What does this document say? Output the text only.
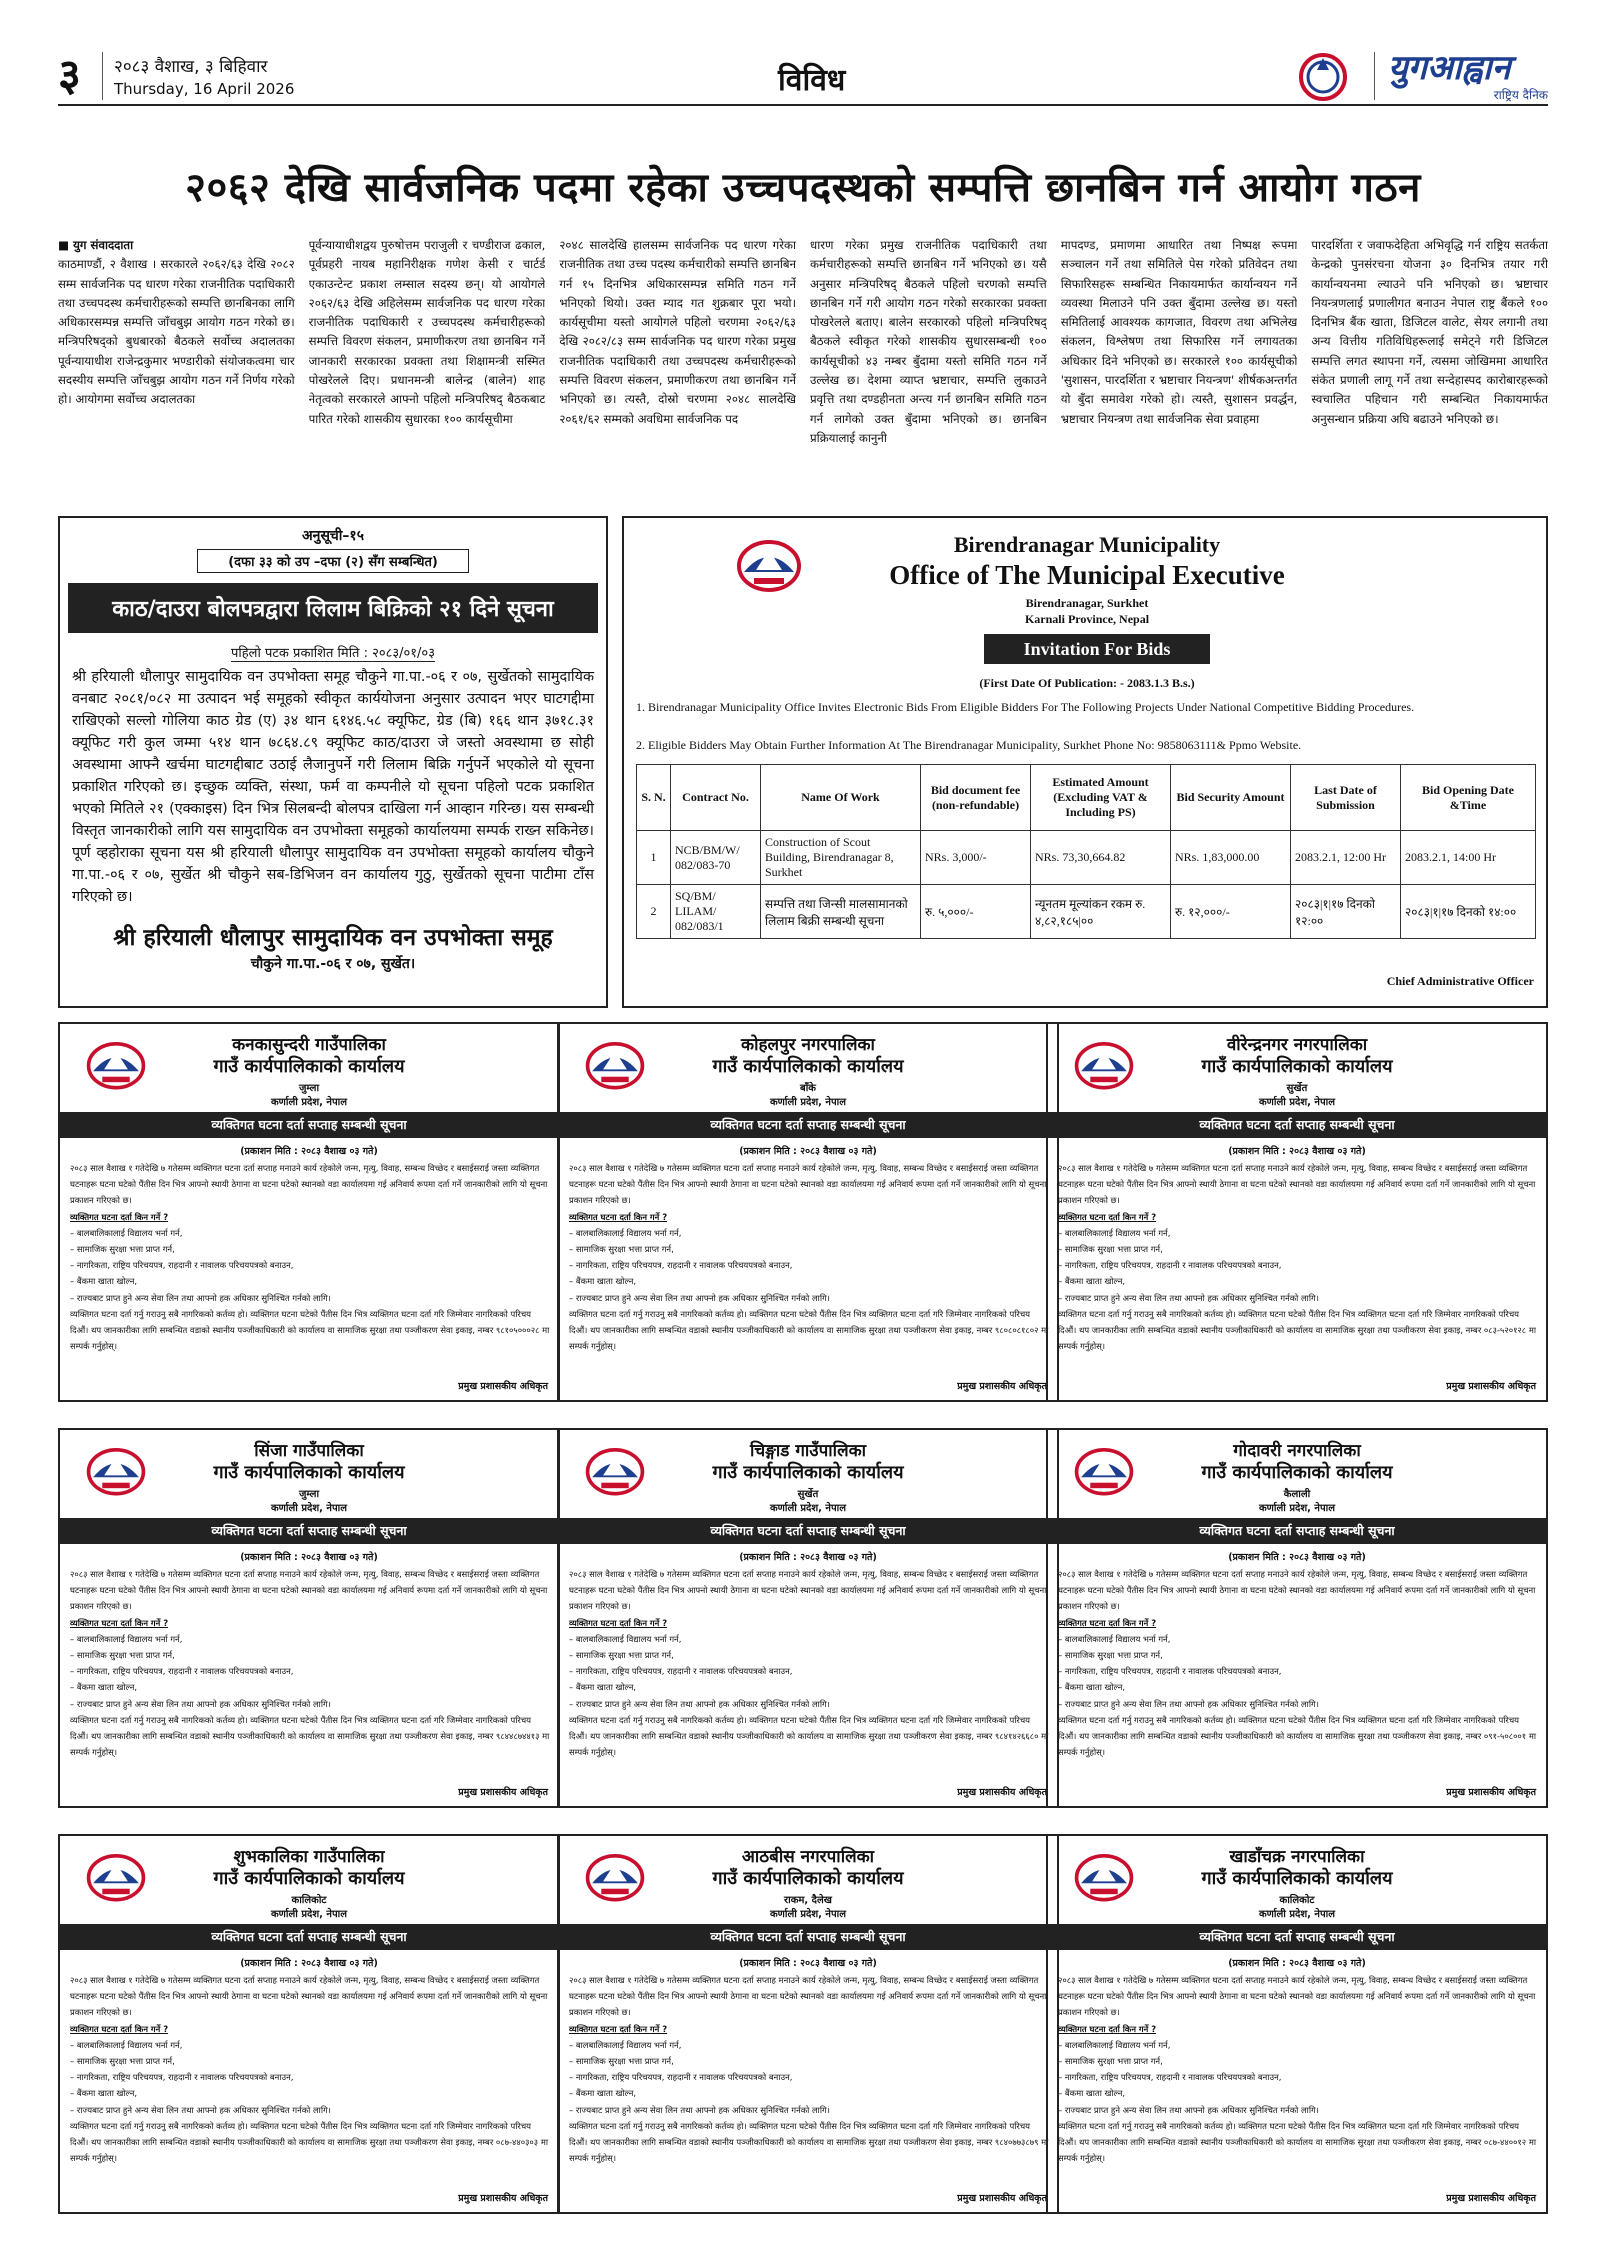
३ २०८३ वैशाख, ३ बिहिवार
Thursday, 16 April 2026	विविध	युगआह्वान
राष्ट्रिय दैनिक
२०६२ देखि सार्वजनिक पदमा रहेका उच्चपदस्थको सम्पत्ति छानबिन गर्न आयोग गठन
■ युग संवाददाता
काठमाण्डौं, २ वैशाख । सरकारले २०६२/६३ देखि २०८२ सम्म सार्वजनिक पद धारण गरेका राजनीतिक पदाधिकारी तथा उच्चपदस्थ कर्मचारीहरूको सम्पत्ति छानबिनका लागि अधिकारसम्पन्न सम्पत्ति जाँचबुझ आयोग गठन गरेको छ। मन्त्रिपरिषद्को बुधबारको बैठकले सर्वोच्च अदालतका पूर्वन्यायाधीश राजेन्द्रकुमार भण्डारीको संयोजकत्वमा चार सदस्यीय सम्पत्ति जाँचबुझ आयोग गठन गर्ने निर्णय गरेको हो। आयोगमा सर्वोच्च अदालतका
पूर्वन्यायाधीशद्वय पुरुषोत्तम पराजुली र चण्डीराज ढकाल, पूर्वप्रहरी नायब महानिरीक्षक गणेश केसी र चार्टर्ड एकाउन्टेन्ट प्रकाश लम्साल सदस्य छन्। यो आयोगले २०६२/६३ देखि अहिलेसम्म सार्वजनिक पद धारण गरेका राजनीतिक पदाधिकारी र उच्चपदस्थ कर्मचारीहरूको सम्पत्ति विवरण संकलन, प्रमाणीकरण तथा छानबिन गर्ने जानकारी सरकारका प्रवक्ता तथा शिक्षामन्त्री सस्मित पोखरेलले दिए। प्रधानमन्त्री बालेन्द्र (बालेन) शाह नेतृत्वको सरकारले आफ्नो पहिलो मन्त्रिपरिषद् बैठकबाट पारित गरेको शासकीय सुधारका १०० कार्यसूचीमा
२०४८ सालदेखि हालसम्म सार्वजनिक पद धारण गरेका राजनीतिक तथा उच्च पदस्थ कर्मचारीको सम्पत्ति छानबिन गर्न १५ दिनभित्र अधिकारसम्पन्न समिति गठन गर्ने भनिएको थियो। उक्त म्याद गत शुक्रबार पूरा भयो। कार्यसूचीमा यस्तो आयोगले पहिलो चरणमा २०६२/६३ देखि २०८२/८३ सम्म सार्वजनिक पद धारण गरेका प्रमुख राजनीतिक पदाधिकारी तथा उच्चपदस्थ कर्मचारीहरूको सम्पत्ति विवरण संकलन, प्रमाणीकरण तथा छानबिन गर्ने भनिएको छ। त्यस्तै, दोस्रो चरणमा २०४८ सालदेखि २०६१/६२ सम्मको अवधिमा सार्वजनिक पद
धारण गरेका प्रमुख राजनीतिक पदाधिकारी तथा कर्मचारीहरूको सम्पत्ति छानबिन गर्ने भनिएको छ। यसै अनुसार मन्त्रिपरिषद् बैठकले पहिलो चरणको सम्पत्ति छानबिन गर्ने गरी आयोग गठन गरेको सरकारका प्रवक्ता पोखरेलले बताए। बालेन सरकारको पहिलो मन्त्रिपरिषद् बैठकले स्वीकृत गरेको शासकीय सुधारसम्बन्धी १०० कार्यसूचीको ४३ नम्बर बुँदामा यस्तो समिति गठन गर्ने उल्लेख छ। देशमा व्याप्त भ्रष्टाचार, सम्पत्ति लुकाउने प्रवृत्ति तथा दण्डहीनता अन्त्य गर्न छानबिन समिति गठन गर्न लागेको उक्त बुँदामा भनिएको छ। छानबिन प्रक्रियालाई कानुनी
मापदण्ड, प्रमाणमा आधारित तथा निष्पक्ष रूपमा सञ्चालन गर्ने तथा समितिले पेस गरेको प्रतिवेदन तथा सिफारिसहरू सम्बन्धित निकायमार्फत कार्यान्वयन गर्ने व्यवस्था मिलाउने पनि उक्त बुँदामा उल्लेख छ। यस्तो समितिलाई आवश्यक कागजात, विवरण तथा अभिलेख संकलन, विश्लेषण तथा सिफारिस गर्ने लगायतका अधिकार दिने भनिएको छ। सरकारले १०० कार्यसूचीको 'सुशासन, पारदर्शिता र भ्रष्टाचार नियन्त्रण' शीर्षकअन्तर्गत यो बुँदा समावेश गरेको हो। त्यस्तै, सुशासन प्रवर्द्धन, भ्रष्टाचार नियन्त्रण तथा सार्वजनिक सेवा प्रवाहमा
पारदर्शिता र जवाफदेहिता अभिवृद्धि गर्न राष्ट्रिय सतर्कता केन्द्रको पुनसंरचना योजना ३० दिनभित्र तयार गरी कार्यान्वयनमा ल्याउने पनि भनिएको छ। भ्रष्टाचार नियन्त्रणलाई प्रणालीगत बनाउन नेपाल राष्ट्र बैंकले १०० दिनभित्र बैंक खाता, डिजिटल वालेट, सेयर लगानी तथा अन्य वित्तीय गतिविधिहरूलाई समेट्ने गरी डिजिटल सम्पत्ति लगत स्थापना गर्ने, त्यसमा जोखिममा आधारित संकेत प्रणाली लागू गर्ने तथा सन्देहास्पद कारोबारहरूको स्वचालित पहिचान गरी सम्बन्धित निकायमार्फत अनुसन्धान प्रक्रिया अघि बढाउने भनिएको छ।
अनुसूची–१५
(दफा ३३ को उप –दफा (२) सँग सम्बन्धित)
काठ/दाउरा बोलपत्रद्वारा लिलाम बिक्रिको २१ दिने सूचना
पहिलो पटक प्रकाशित मिति : २०८३/०१/०३
श्री हरियाली धौलापुर सामुदायिक वन उपभोक्ता समूह चौकुने गा.पा.-०६ र ०७, सुर्खेतको सामुदायिक वनबाट २०८१/०८२ मा उत्पादन भई समूहको स्वीकृत कार्ययोजना अनुसार उत्पादन भएर घाटगद्दीमा राखिएको सल्लो गोलिया काठ ग्रेड (ए) ३४ थान ६१४६.५८ क्यूफिट, ग्रेड (बि) १६६ थान ३७१८.३१ क्यूफिट गरी कुल जम्मा ५१४ थान ७८६४.८९ क्यूफिट काठ/दाउरा जे जस्तो अवस्थामा छ सोही अवस्थामा आफ्नै खर्चमा घाटगद्दीबाट उठाई लैजानुपर्ने गरी लिलाम बिक्रि गर्नुपर्ने भएकोले यो सूचना प्रकाशित गरिएको छ। इच्छुक व्यक्ति, संस्था, फर्म वा कम्पनीले यो सूचना पहिलो पटक प्रकाशित भएको मितिले २१ (एक्काइस) दिन भित्र सिलबन्दी बोलपत्र दाखिला गर्न आव्हान गरिन्छ। यस सम्बन्धी विस्तृत जानकारीको लागि यस सामुदायिक वन उपभोक्ता समूहको कार्यालयमा सम्पर्क राख्न सकिनेछ। पूर्ण व्हहोराका सूचना यस श्री हरियाली धौलापुर सामुदायिक वन उपभोक्ता समूहको कार्यालय चौकुने गा.पा.-०६ र ०७, सुर्खेत श्री चौकुने सब-डिभिजन वन कार्यालय गुठु, सुर्खेतको सूचना पाटीमा टाँस गरिएको छ।
श्री हरियाली धौलापुर सामुदायिक वन उपभोक्ता समूह
चौकुने गा.पा.-०६ र ०७, सुर्खेत।
Birendranagar Municipality
Office of The Municipal Executive
Birendranagar, Surkhet
Karnali Province, Nepal
Invitation For Bids
(First Date Of Publication: - 2083.1.3 B.s.)
1. Birendranagar Municipality Office Invites Electronic Bids From Eligible Bidders For The Following Projects Under National Competitive Bidding Procedures.
2. Eligible Bidders May Obtain Further Information At The Birendranagar Municipality, Surkhet Phone No: 9858063111& Ppmo Website.
S. N.	Contract No.	Name Of Work	Bid document fee (non-refundable)	Estimated Amount (Excluding VAT & Including PS)	Bid Security Amount	Last Date of Submission	Bid Opening Date &Time
1	NCB/BM/W/ 082/083-70	Construction of Scout Building, Birendranagar 8, Surkhet	NRs. 3,000/-	NRs. 73,30,664.82	NRs. 1,83,000.00	2083.2.1, 12:00 Hr	2083.2.1, 14:00 Hr
2	SQ/BM/ LILAM/ 082/083/1	सम्पत्ति तथा जिन्सी मालसामानको लिलाम बिक्री सम्बन्धी सूचना	रु. ५,०००/-	न्यूनतम मूल्यांकन रकम रु. ४,८२,१८५|००	रु. १२,०००/-	२०८३|१|१७ दिनको १२:००	२०८३|१|१७ दिनको १४:००
Chief Administrative Officer
कनकासुन्दरी गाउँपालिका
गाउँ कार्यपालिकाको कार्यालय
जुम्ला
कर्णाली प्रदेश, नेपाल
व्यक्तिगत घटना दर्ता सप्ताह सम्बन्धी सूचना
(प्रकाशन मिति : २०८३ वैशाख ०३ गते)
२०८३ साल वैशाख १ गतेदेखि ७ गतेसम्म व्यक्तिगत घटना दर्ता सप्ताह मनाउने कार्य रहेकोले जन्म, मृत्यु, विवाह, सम्बन्ध विच्छेद र बसाईसराई जस्ता व्यक्तिगत घटनाहरू घटना घटेको पैंतीस दिन भित्र आफ्नो स्थायी ठेगाना वा घटना घटेको स्थानको वडा कार्यालयमा गई अनिवार्य रूपमा दर्ता गर्ने जानकारीको लागि यो सूचना प्रकाशन गरिएको छ।
व्यक्तिगत घटना दर्ता किन गर्ने ?
– बालबालिकालाई विद्यालय भर्ना गर्न,
– सामाजिक सुरक्षा भत्ता प्राप्त गर्न,
– नागरिकता, राष्ट्रिय परिचयपत्र, राहदानी र नावालक परिचयपत्रको बनाउन,
– बैंकमा खाता खोल्न,
– राज्यबाट प्राप्त हुने अन्य सेवा लिन तथा आफ्नो हक अधिकार सुनिश्चित गर्नको लागि।
व्यक्तिगत घटना दर्ता गर्नु गराउनु सबै नागरिकको कर्तव्य हो। व्यक्तिगत घटना घटेको पैंतीस दिन भित्र व्यक्तिगत घटना दर्ता गरि जिम्मेवार नागरिकको परिचय दिऔं। थप जानकारीका लागि सम्बन्धित वडाको स्थानीय पञ्जीकाधिकारी को कार्यालय वा सामाजिक सुरक्षा तथा पञ्जीकरण सेवा इकाइ, नम्बर ९८१०५०००२८ मा सम्पर्क गर्नुहोस्।
प्रमुख प्रशासकीय अधिकृत
कोहलपुर नगरपालिका
गाउँ कार्यपालिकाको कार्यालय
बाँके
कर्णाली प्रदेश, नेपाल
व्यक्तिगत घटना दर्ता सप्ताह सम्बन्धी सूचना
(प्रकाशन मिति : २०८३ वैशाख ०३ गते)
२०८३ साल वैशाख १ गतेदेखि ७ गतेसम्म व्यक्तिगत घटना दर्ता सप्ताह मनाउने कार्य रहेकोले जन्म, मृत्यु, विवाह, सम्बन्ध विच्छेद र बसाईसराई जस्ता व्यक्तिगत घटनाहरू घटना घटेको पैंतीस दिन भित्र आफ्नो स्थायी ठेगाना वा घटना घटेको स्थानको वडा कार्यालयमा गई अनिवार्य रूपमा दर्ता गर्ने जानकारीको लागि यो सूचना प्रकाशन गरिएको छ।
व्यक्तिगत घटना दर्ता किन गर्ने ?
– बालबालिकालाई विद्यालय भर्ना गर्न,
– सामाजिक सुरक्षा भत्ता प्राप्त गर्न,
– नागरिकता, राष्ट्रिय परिचयपत्र, राहदानी र नावालक परिचयपत्रको बनाउन,
– बैंकमा खाता खोल्न,
– राज्यबाट प्राप्त हुने अन्य सेवा लिन तथा आफ्नो हक अधिकार सुनिश्चित गर्नको लागि।
व्यक्तिगत घटना दर्ता गर्नु गराउनु सबै नागरिकको कर्तव्य हो। व्यक्तिगत घटना घटेको पैंतीस दिन भित्र व्यक्तिगत घटना दर्ता गरि जिम्मेवार नागरिकको परिचय दिऔं। थप जानकारीका लागि सम्बन्धित वडाको स्थानीय पञ्जीकाधिकारी को कार्यालय वा सामाजिक सुरक्षा तथा पञ्जीकरण सेवा इकाइ, नम्बर ९८०८०८१८०२ मा सम्पर्क गर्नुहोस्।
प्रमुख प्रशासकीय अधिकृत
वीरेन्द्रनगर नगरपालिका
गाउँ कार्यपालिकाको कार्यालय
सुर्खेत
कर्णाली प्रदेश, नेपाल
व्यक्तिगत घटना दर्ता सप्ताह सम्बन्धी सूचना
(प्रकाशन मिति : २०८३ वैशाख ०३ गते)
२०८३ साल वैशाख १ गतेदेखि ७ गतेसम्म व्यक्तिगत घटना दर्ता सप्ताह मनाउने कार्य रहेकोले जन्म, मृत्यु, विवाह, सम्बन्ध विच्छेद र बसाईसराई जस्ता व्यक्तिगत घटनाहरू घटना घटेको पैंतीस दिन भित्र आफ्नो स्थायी ठेगाना वा घटना घटेको स्थानको वडा कार्यालयमा गई अनिवार्य रूपमा दर्ता गर्ने जानकारीको लागि यो सूचना प्रकाशन गरिएको छ।
व्यक्तिगत घटना दर्ता किन गर्ने ?
– बालबालिकालाई विद्यालय भर्ना गर्न,
– सामाजिक सुरक्षा भत्ता प्राप्त गर्न,
– नागरिकता, राष्ट्रिय परिचयपत्र, राहदानी र नावालक परिचयपत्रको बनाउन,
– बैंकमा खाता खोल्न,
– राज्यबाट प्राप्त हुने अन्य सेवा लिन तथा आफ्नो हक अधिकार सुनिश्चित गर्नको लागि।
व्यक्तिगत घटना दर्ता गर्नु गराउनु सबै नागरिकको कर्तव्य हो। व्यक्तिगत घटना घटेको पैंतीस दिन भित्र व्यक्तिगत घटना दर्ता गरि जिम्मेवार नागरिकको परिचय दिऔं। थप जानकारीका लागि सम्बन्धित वडाको स्थानीय पञ्जीकाधिकारी को कार्यालय वा सामाजिक सुरक्षा तथा पञ्जीकरण सेवा इकाइ, नम्बर ०८३-५२०१२८ मा सम्पर्क गर्नुहोस्।
प्रमुख प्रशासकीय अधिकृत
सिंजा गाउँपालिका
गाउँ कार्यपालिकाको कार्यालय
जुम्ला
कर्णाली प्रदेश, नेपाल
व्यक्तिगत घटना दर्ता सप्ताह सम्बन्धी सूचना
(प्रकाशन मिति : २०८३ वैशाख ०३ गते)
२०८३ साल वैशाख १ गतेदेखि ७ गतेसम्म व्यक्तिगत घटना दर्ता सप्ताह मनाउने कार्य रहेकोले जन्म, मृत्यु, विवाह, सम्बन्ध विच्छेद र बसाईसराई जस्ता व्यक्तिगत घटनाहरू घटना घटेको पैंतीस दिन भित्र आफ्नो स्थायी ठेगाना वा घटना घटेको स्थानको वडा कार्यालयमा गई अनिवार्य रूपमा दर्ता गर्ने जानकारीको लागि यो सूचना प्रकाशन गरिएको छ।
व्यक्तिगत घटना दर्ता किन गर्ने ?
– बालबालिकालाई विद्यालय भर्ना गर्न,
– सामाजिक सुरक्षा भत्ता प्राप्त गर्न,
– नागरिकता, राष्ट्रिय परिचयपत्र, राहदानी र नावालक परिचयपत्रको बनाउन,
– बैंकमा खाता खोल्न,
– राज्यबाट प्राप्त हुने अन्य सेवा लिन तथा आफ्नो हक अधिकार सुनिश्चित गर्नको लागि।
व्यक्तिगत घटना दर्ता गर्नु गराउनु सबै नागरिकको कर्तव्य हो। व्यक्तिगत घटना घटेको पैंतीस दिन भित्र व्यक्तिगत घटना दर्ता गरि जिम्मेवार नागरिकको परिचय दिऔं। थप जानकारीका लागि सम्बन्धित वडाको स्थानीय पञ्जीकाधिकारी को कार्यालय वा सामाजिक सुरक्षा तथा पञ्जीकरण सेवा इकाइ, नम्बर ९८४४८७४४१३ मा सम्पर्क गर्नुहोस्।
प्रमुख प्रशासकीय अधिकृत
चिङ्गाड गाउँपालिका
गाउँ कार्यपालिकाको कार्यालय
सुर्खेत
कर्णाली प्रदेश, नेपाल
व्यक्तिगत घटना दर्ता सप्ताह सम्बन्धी सूचना
(प्रकाशन मिति : २०८३ वैशाख ०३ गते)
२०८३ साल वैशाख १ गतेदेखि ७ गतेसम्म व्यक्तिगत घटना दर्ता सप्ताह मनाउने कार्य रहेकोले जन्म, मृत्यु, विवाह, सम्बन्ध विच्छेद र बसाईसराई जस्ता व्यक्तिगत घटनाहरू घटना घटेको पैंतीस दिन भित्र आफ्नो स्थायी ठेगाना वा घटना घटेको स्थानको वडा कार्यालयमा गई अनिवार्य रूपमा दर्ता गर्ने जानकारीको लागि यो सूचना प्रकाशन गरिएको छ।
व्यक्तिगत घटना दर्ता किन गर्ने ?
– बालबालिकालाई विद्यालय भर्ना गर्न,
– सामाजिक सुरक्षा भत्ता प्राप्त गर्न,
– नागरिकता, राष्ट्रिय परिचयपत्र, राहदानी र नावालक परिचयपत्रको बनाउन,
– बैंकमा खाता खोल्न,
– राज्यबाट प्राप्त हुने अन्य सेवा लिन तथा आफ्नो हक अधिकार सुनिश्चित गर्नको लागि।
व्यक्तिगत घटना दर्ता गर्नु गराउनु सबै नागरिकको कर्तव्य हो। व्यक्तिगत घटना घटेको पैंतीस दिन भित्र व्यक्तिगत घटना दर्ता गरि जिम्मेवार नागरिकको परिचय दिऔं। थप जानकारीका लागि सम्बन्धित वडाको स्थानीय पञ्जीकाधिकारी को कार्यालय वा सामाजिक सुरक्षा तथा पञ्जीकरण सेवा इकाइ, नम्बर ९८४१४२६६८० मा सम्पर्क गर्नुहोस्।
प्रमुख प्रशासकीय अधिकृत
गोदावरी नगरपालिका
गाउँ कार्यपालिकाको कार्यालय
कैलाली
कर्णाली प्रदेश, नेपाल
व्यक्तिगत घटना दर्ता सप्ताह सम्बन्धी सूचना
(प्रकाशन मिति : २०८३ वैशाख ०३ गते)
२०८३ साल वैशाख १ गतेदेखि ७ गतेसम्म व्यक्तिगत घटना दर्ता सप्ताह मनाउने कार्य रहेकोले जन्म, मृत्यु, विवाह, सम्बन्ध विच्छेद र बसाईसराई जस्ता व्यक्तिगत घटनाहरू घटना घटेको पैंतीस दिन भित्र आफ्नो स्थायी ठेगाना वा घटना घटेको स्थानको वडा कार्यालयमा गई अनिवार्य रूपमा दर्ता गर्ने जानकारीको लागि यो सूचना प्रकाशन गरिएको छ।
व्यक्तिगत घटना दर्ता किन गर्ने ?
– बालबालिकालाई विद्यालय भर्ना गर्न,
– सामाजिक सुरक्षा भत्ता प्राप्त गर्न,
– नागरिकता, राष्ट्रिय परिचयपत्र, राहदानी र नावालक परिचयपत्रको बनाउन,
– बैंकमा खाता खोल्न,
– राज्यबाट प्राप्त हुने अन्य सेवा लिन तथा आफ्नो हक अधिकार सुनिश्चित गर्नको लागि।
व्यक्तिगत घटना दर्ता गर्नु गराउनु सबै नागरिकको कर्तव्य हो। व्यक्तिगत घटना घटेको पैंतीस दिन भित्र व्यक्तिगत घटना दर्ता गरि जिम्मेवार नागरिकको परिचय दिऔं। थप जानकारीका लागि सम्बन्धित वडाको स्थानीय पञ्जीकाधिकारी को कार्यालय वा सामाजिक सुरक्षा तथा पञ्जीकरण सेवा इकाइ, नम्बर ०९१-५०८००१ मा सम्पर्क गर्नुहोस्।
प्रमुख प्रशासकीय अधिकृत
शुभकालिका गाउँपालिका
गाउँ कार्यपालिकाको कार्यालय
कालिकोट
कर्णाली प्रदेश, नेपाल
व्यक्तिगत घटना दर्ता सप्ताह सम्बन्धी सूचना
(प्रकाशन मिति : २०८३ वैशाख ०३ गते)
२०८३ साल वैशाख १ गतेदेखि ७ गतेसम्म व्यक्तिगत घटना दर्ता सप्ताह मनाउने कार्य रहेकोले जन्म, मृत्यु, विवाह, सम्बन्ध विच्छेद र बसाईसराई जस्ता व्यक्तिगत घटनाहरू घटना घटेको पैंतीस दिन भित्र आफ्नो स्थायी ठेगाना वा घटना घटेको स्थानको वडा कार्यालयमा गई अनिवार्य रूपमा दर्ता गर्ने जानकारीको लागि यो सूचना प्रकाशन गरिएको छ।
व्यक्तिगत घटना दर्ता किन गर्ने ?
– बालबालिकालाई विद्यालय भर्ना गर्न,
– सामाजिक सुरक्षा भत्ता प्राप्त गर्न,
– नागरिकता, राष्ट्रिय परिचयपत्र, राहदानी र नावालक परिचयपत्रको बनाउन,
– बैंकमा खाता खोल्न,
– राज्यबाट प्राप्त हुने अन्य सेवा लिन तथा आफ्नो हक अधिकार सुनिश्चित गर्नको लागि।
व्यक्तिगत घटना दर्ता गर्नु गराउनु सबै नागरिकको कर्तव्य हो। व्यक्तिगत घटना घटेको पैंतीस दिन भित्र व्यक्तिगत घटना दर्ता गरि जिम्मेवार नागरिकको परिचय दिऔं। थप जानकारीका लागि सम्बन्धित वडाको स्थानीय पञ्जीकाधिकारी को कार्यालय वा सामाजिक सुरक्षा तथा पञ्जीकरण सेवा इकाइ, नम्बर ०८७-४४०३०३ मा सम्पर्क गर्नुहोस्।
प्रमुख प्रशासकीय अधिकृत
आठबीस नगरपालिका
गाउँ कार्यपालिकाको कार्यालय
राकम, दैलेख
कर्णाली प्रदेश, नेपाल
व्यक्तिगत घटना दर्ता सप्ताह सम्बन्धी सूचना
(प्रकाशन मिति : २०८३ वैशाख ०३ गते)
२०८३ साल वैशाख १ गतेदेखि ७ गतेसम्म व्यक्तिगत घटना दर्ता सप्ताह मनाउने कार्य रहेकोले जन्म, मृत्यु, विवाह, सम्बन्ध विच्छेद र बसाईसराई जस्ता व्यक्तिगत घटनाहरू घटना घटेको पैंतीस दिन भित्र आफ्नो स्थायी ठेगाना वा घटना घटेको स्थानको वडा कार्यालयमा गई अनिवार्य रूपमा दर्ता गर्ने जानकारीको लागि यो सूचना प्रकाशन गरिएको छ।
व्यक्तिगत घटना दर्ता किन गर्ने ?
– बालबालिकालाई विद्यालय भर्ना गर्न,
– सामाजिक सुरक्षा भत्ता प्राप्त गर्न,
– नागरिकता, राष्ट्रिय परिचयपत्र, राहदानी र नावालक परिचयपत्रको बनाउन,
– बैंकमा खाता खोल्न,
– राज्यबाट प्राप्त हुने अन्य सेवा लिन तथा आफ्नो हक अधिकार सुनिश्चित गर्नको लागि।
व्यक्तिगत घटना दर्ता गर्नु गराउनु सबै नागरिकको कर्तव्य हो। व्यक्तिगत घटना घटेको पैंतीस दिन भित्र व्यक्तिगत घटना दर्ता गरि जिम्मेवार नागरिकको परिचय दिऔं। थप जानकारीका लागि सम्बन्धित वडाको स्थानीय पञ्जीकाधिकारी को कार्यालय वा सामाजिक सुरक्षा तथा पञ्जीकरण सेवा इकाइ, नम्बर ९८४०७७३८७९ मा सम्पर्क गर्नुहोस्।
प्रमुख प्रशासकीय अधिकृत
खाडाँचक्र नगरपालिका
गाउँ कार्यपालिकाको कार्यालय
कालिकोट
कर्णाली प्रदेश, नेपाल
व्यक्तिगत घटना दर्ता सप्ताह सम्बन्धी सूचना
(प्रकाशन मिति : २०८३ वैशाख ०३ गते)
२०८३ साल वैशाख १ गतेदेखि ७ गतेसम्म व्यक्तिगत घटना दर्ता सप्ताह मनाउने कार्य रहेकोले जन्म, मृत्यु, विवाह, सम्बन्ध विच्छेद र बसाईसराई जस्ता व्यक्तिगत घटनाहरू घटना घटेको पैंतीस दिन भित्र आफ्नो स्थायी ठेगाना वा घटना घटेको स्थानको वडा कार्यालयमा गई अनिवार्य रूपमा दर्ता गर्ने जानकारीको लागि यो सूचना प्रकाशन गरिएको छ।
व्यक्तिगत घटना दर्ता किन गर्ने ?
– बालबालिकालाई विद्यालय भर्ना गर्न,
– सामाजिक सुरक्षा भत्ता प्राप्त गर्न,
– नागरिकता, राष्ट्रिय परिचयपत्र, राहदानी र नावालक परिचयपत्रको बनाउन,
– बैंकमा खाता खोल्न,
– राज्यबाट प्राप्त हुने अन्य सेवा लिन तथा आफ्नो हक अधिकार सुनिश्चित गर्नको लागि।
व्यक्तिगत घटना दर्ता गर्नु गराउनु सबै नागरिकको कर्तव्य हो। व्यक्तिगत घटना घटेको पैंतीस दिन भित्र व्यक्तिगत घटना दर्ता गरि जिम्मेवार नागरिकको परिचय दिऔं। थप जानकारीका लागि सम्बन्धित वडाको स्थानीय पञ्जीकाधिकारी को कार्यालय वा सामाजिक सुरक्षा तथा पञ्जीकरण सेवा इकाइ, नम्बर ०८७-४४००१२ मा सम्पर्क गर्नुहोस्।
प्रमुख प्रशासकीय अधिकृत
